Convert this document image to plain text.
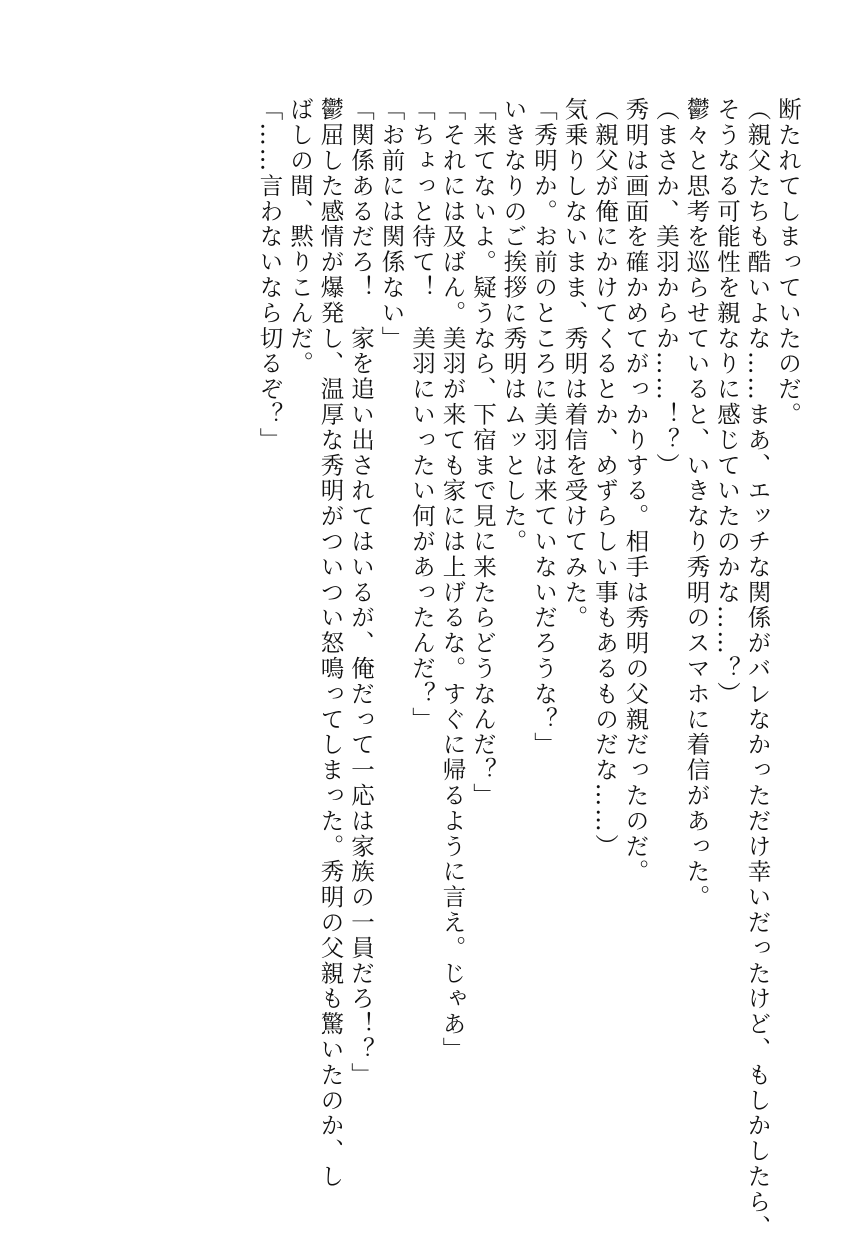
断たれてしまっていたのだ。
（親父たちも酷いよな……まあ、エッチな関係がバレなかっただけ幸いだったけど、もしかしたら、
そうなる可能性を親なりに感じていたのかな……？）
鬱々と思考を巡らせていると、いきなり秀明のスマホに着信があった。
（まさか、美羽からか……！？）
秀明は画面を確かめてがっかりする。相手は秀明の父親だったのだ。
（親父が俺にかけてくるとか、めずらしい事もあるものだな……）
気乗りしないまま、秀明は着信を受けてみた。
「秀明か。お前のところに美羽は来ていないだろうな？」
いきなりのご挨拶に秀明はムッとした。
「来てないよ。疑うなら、下宿まで見に来たらどうなんだ？」
「それには及ばん。美羽が来ても家には上げるな。すぐに帰るように言え。じゃあ」
「ちょっと待て！　美羽にいったい何があったんだ？」
「お前には関係ない」
「関係あるだろ！　家を追い出されてはいるが、俺だって一応は家族の一員だろ！？」
鬱屈した感情が爆発し、温厚な秀明がついつい怒鳴ってしまった。秀明の父親も驚いたのか、し
ばしの間、黙りこんだ。
「……言わないなら切るぞ？」
